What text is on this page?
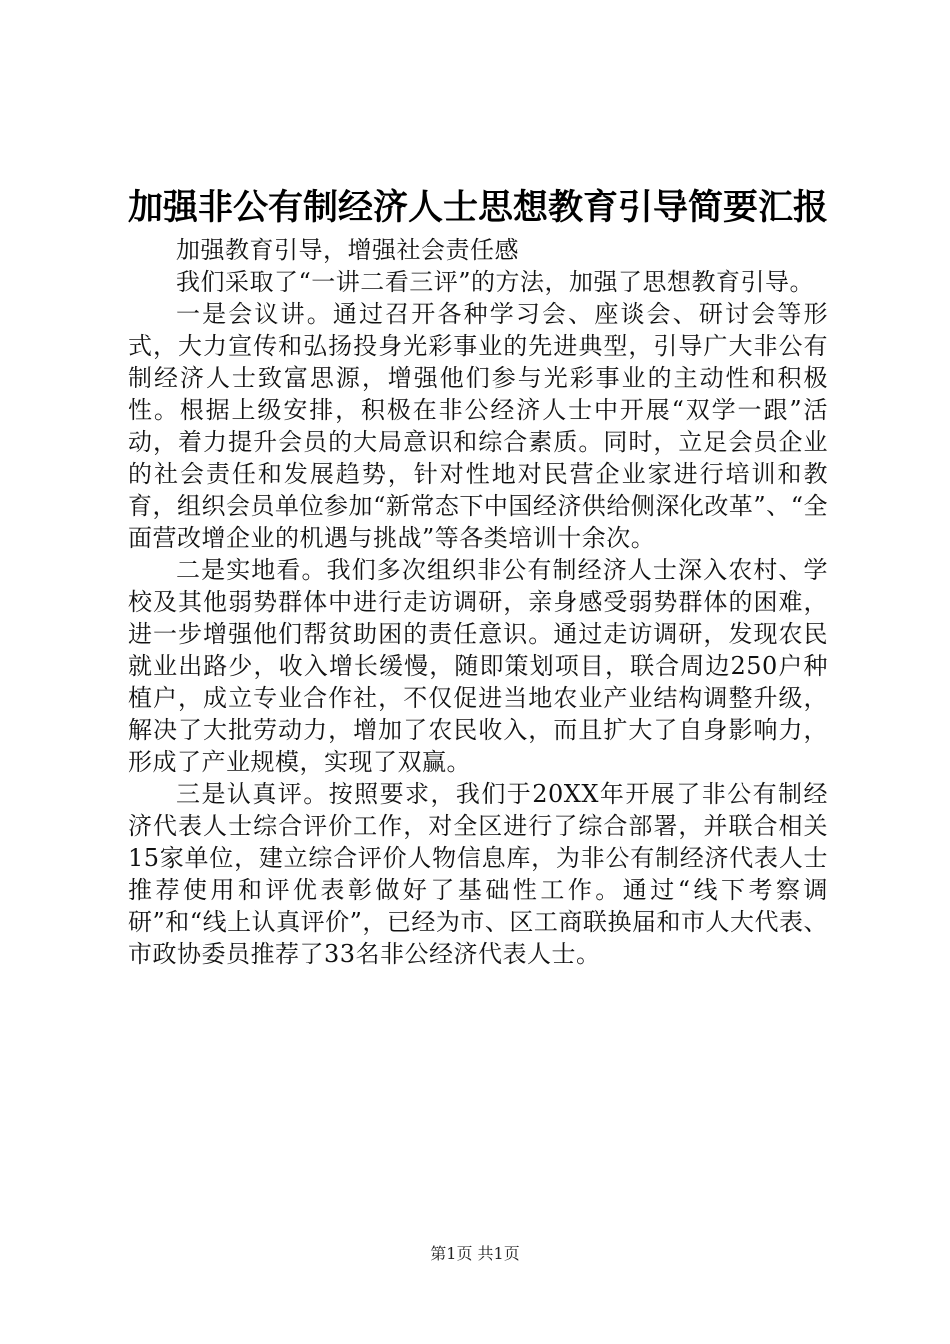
加强非公有制经济人士思想教育引导简要汇报

加强教育引导，增强社会责任感

我们采取了“一讲二看三评”的方法，加强了思想教育引导。

一是会议讲。通过召开各种学习会、座谈会、研讨会等形式，大力宣传和弘扬投身光彩事业的先进典型，引导广大非公有制经济人士致富思源，增强他们参与光彩事业的主动性和积极性。根据上级安排，积极在非公经济人士中开展“双学一跟”活动，着力提升会员的大局意识和综合素质。同时，立足会员企业的社会责任和发展趋势，针对性地对民营企业家进行培训和教育，组织会员单位参加“新常态下中国经济供给侧深化改革”、“全面营改增企业的机遇与挑战”等各类培训十余次。

二是实地看。我们多次组织非公有制经济人士深入农村、学校及其他弱势群体中进行走访调研，亲身感受弱势群体的困难，进一步增强他们帮贫助困的责任意识。通过走访调研，发现农民就业出路少，收入增长缓慢，随即策划项目，联合周边250户种植户，成立专业合作社，不仅促进当地农业产业结构调整升级，解决了大批劳动力，增加了农民收入，而且扩大了自身影响力，形成了产业规模，实现了双赢。

三是认真评。按照要求，我们于20XX年开展了非公有制经济代表人士综合评价工作，对全区进行了综合部署，并联合相关15家单位，建立综合评价人物信息库，为非公有制经济代表人士推荐使用和评优表彰做好了基础性工作。通过“线下考察调研”和“线上认真评价”，已经为市、区工商联换届和市人大代表、市政协委员推荐了33名非公经济代表人士。

第1页 共1页
